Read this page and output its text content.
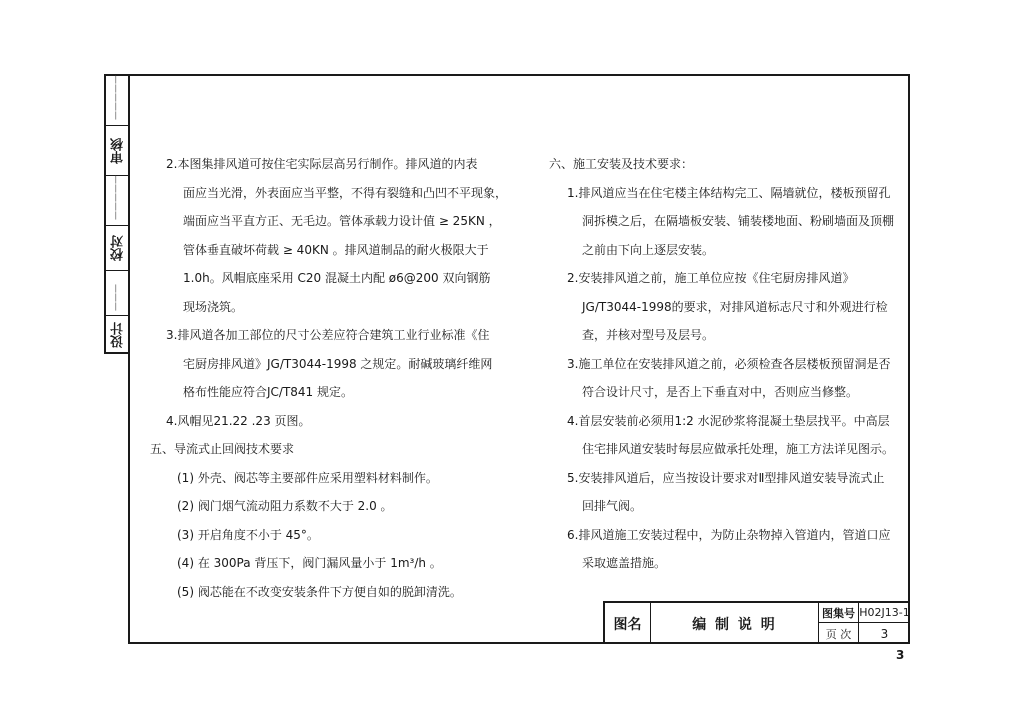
—————
审核
—————
校对
———
设计
2.本图集排风道可按住宅实际层高另行制作。排风道的内表
面应当光滑，外表面应当平整，不得有裂缝和凸凹不平现象，
端面应当平直方正、无毛边。管体承载力设计值 ≥ 25KN ，
管体垂直破坏荷载 ≥ 40KN 。排风道制品的耐火极限大于
1.0h。风帽底座采用 C20 混凝土内配 ø6@200 双向钢筋
现场浇筑。
3.排风道各加工部位的尺寸公差应符合建筑工业行业标准《住
宅厨房排风道》JG/T3044-1998 之规定。耐碱玻璃纤维网
格布性能应符合JC/T841 规定。
4.风帽见21.22 .23 页图。
五、导流式止回阀技术要求
(1) 外壳、阀芯等主要部件应采用塑料材料制作。
(2) 阀门烟气流动阻力系数不大于 2.0 。
(3) 开启角度不小于 45°。
(4) 在 300Pa 背压下，阀门漏风量小于 1m³/h 。
(5) 阀芯能在不改变安装条件下方便自如的脱卸清洗。
六、施工安装及技术要求：
1.排风道应当在住宅楼主体结构完工、隔墙就位，楼板预留孔
洞拆模之后，在隔墙板安装、铺装楼地面、粉刷墙面及顶棚
之前由下向上逐层安装。
2.安装排风道之前，施工单位应按《住宅厨房排风道》
JG/T3044-1998的要求，对排风道标志尺寸和外观进行检
查，并核对型号及层号。
3.施工单位在安装排风道之前，必须检查各层楼板预留洞是否
符合设计尺寸，是否上下垂直对中，否则应当修整。
4.首层安装前必须用1:2 水泥砂浆将混凝土垫层找平。中高层
住宅排风道安装时每层应做承托处理，施工方法详见图示。
5.安装排风道后，应当按设计要求对Ⅱ型排风道安装导流式止
回排气阀。
6.排风道施工安装过程中，为防止杂物掉入管道内，管道口应
采取遮盖措施。
图名	编 制 说 明
图集号 H02J13-1
页 次	3
3
